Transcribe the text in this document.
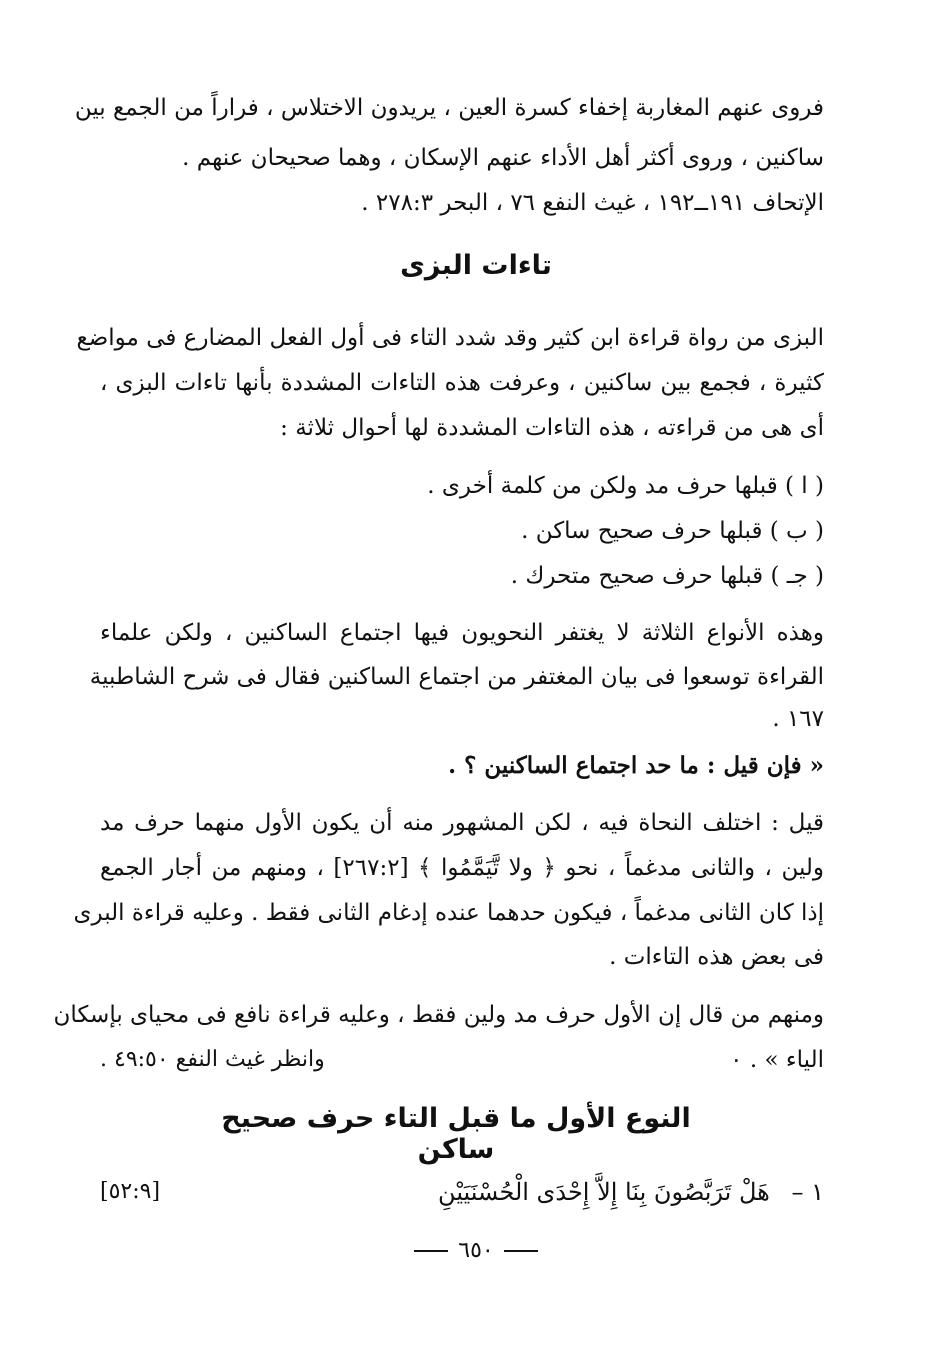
فروى عنهم المغاربة إخفاء كسرة العين ، يريدون الاختلاس ، فراراً من الجمع بين
ساكنين ، وروى أكثر أهل الأداء عنهم الإسكان ، وهما صحيحان عنهم .
الإتحاف ١٩١ــ١٩٢ ، غيث النفع ٧٦ ، البحر ٢٧٨:٣ .
تاءات البزى
البزى من رواة قراءة ابن كثير وقد شدد التاء فى أول الفعل المضارع فى مواضع
كثيرة ، فجمع بين ساكنين ، وعرفت هذه التاءات المشددة بأنها تاءات البزى ،
أى هى من قراءته ، هذه التاءات المشددة لها أحوال ثلاثة :
( ا ) قبلها حرف مد ولكن من كلمة أخرى .
( ب ) قبلها حرف صحيح ساكن .
( جـ ) قبلها حرف صحيح متحرك .
وهذه الأنواع الثلاثة لا يغتفر النحويون فيها اجتماع الساكنين ، ولكن علماء
القراءة توسعوا فى بيان المغتفر من اجتماع الساكنين فقال فى شرح الشاطبية
١٦٧ .
« فإن قيل : ما حد اجتماع الساكنين ؟ .
قيل : اختلف النحاة فيه ، لكن المشهور منه أن يكون الأول منهما حرف مد
ولين ، والثانى مدغماً ، نحو ﴿ ولا تَّيَمَّمُوا ﴾ [٢٦٧:٢] ، ومنهم من أجار الجمع
إذا كان الثانى مدغماً ، فيكون حدهما عنده إدغام الثانى فقط . وعليه قراءة البرى
فى بعض هذه التاءات .
ومنهم من قال إن الأول حرف مد ولين فقط ، وعليه قراءة نافع فى محياى بإسكان
الياء » . ٠
وانظر غيث النفع ٤٩:٥٠ .
النوع الأول ما قبل التاء حرف صحيح ساكن
١ – هَلْ تَرَبَّصُونَ بِنَا إِلاَّ إِحْدَى الْحُسْنَيَيْنِ
[٥٢:٩]
٦٥٠
